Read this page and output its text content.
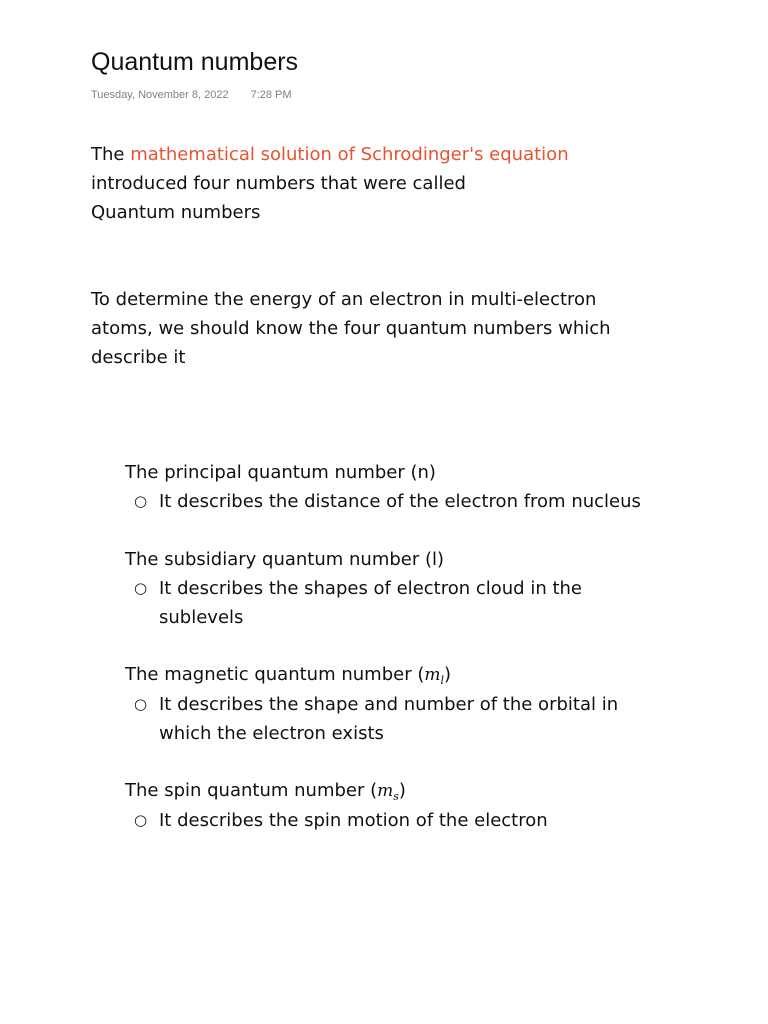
Quantum numbers
Tuesday, November 8, 2022 7:28 PM
The mathematical solution of Schrodinger's equation
introduced four numbers that were called
Quantum numbers
To determine the energy of an electron in multi-electron
atoms, we should know the four quantum numbers which
describe it
The principal quantum number (n)
○ It describes the distance of the electron from nucleus
The subsidiary quantum number (l)
○ It describes the shapes of electron cloud in the
sublevels
The magnetic quantum number $(m_l)$
○ It describes the shape and number of the orbital in
which the electron exists
The spin quantum number $(m_s)$
○ It describes the spin motion of the electron
